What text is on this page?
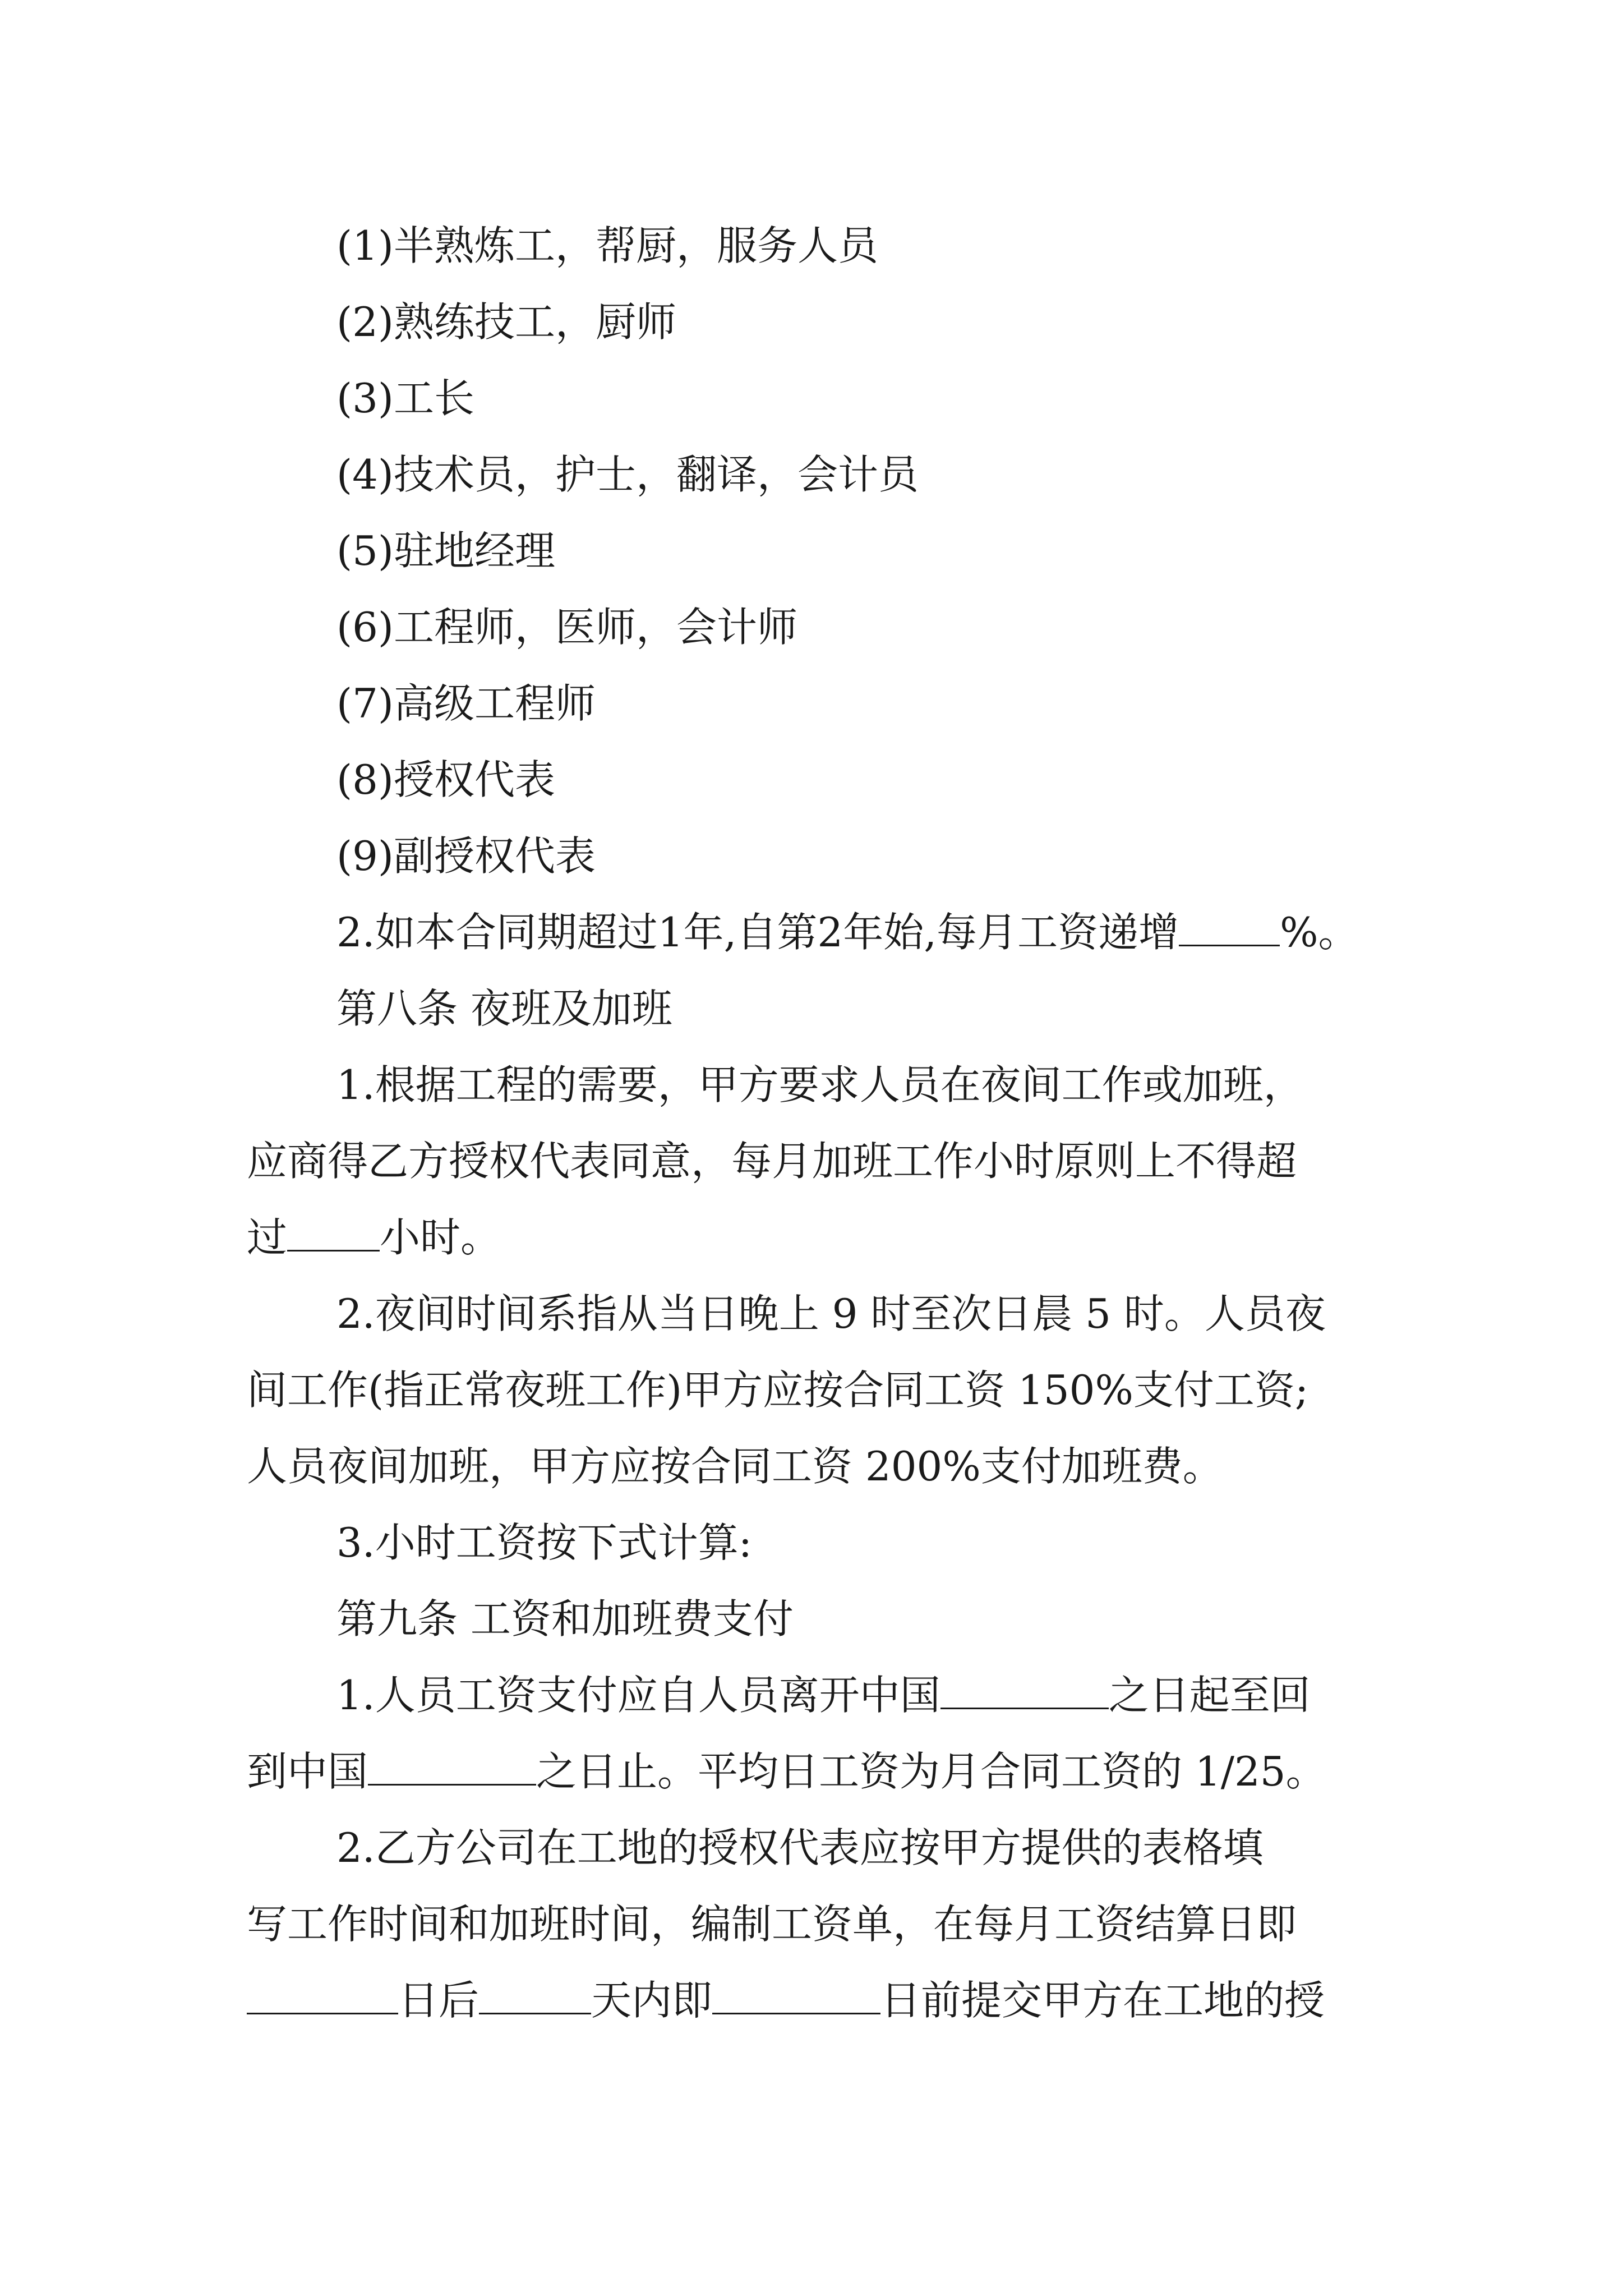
(1)半熟炼工，帮厨，服务人员
(2)熟练技工，厨师
(3)工长
(4)技术员，护士，翻译，会计员
(5)驻地经理
(6)工程师，医师，会计师
(7)高级工程师
(8)授权代表
(9)副授权代表
2.如本合同期超过1年,自第2年始,每月工资递增	%。
第八条 夜班及加班
1.根据工程的需要，甲方要求人员在夜间工作或加班，
应商得乙方授权代表同意，每月加班工作小时原则上不得超
过 小时。
2.夜间时间系指从当日晚上 9 时至次日晨 5 时。人员夜
间工作(指正常夜班工作)甲方应按合同工资 150%支付工资;
人员夜间加班，甲方应按合同工资 200%支付加班费。
3.小时工资按下式计算:
第九条 工资和加班费支付
1.人员工资支付应自人员离开中国	之日起至回
到中国	之日止。平均日工资为月合同工资的 1/25。
2.乙方公司在工地的授权代表应按甲方提供的表格填
写工作时间和加班时间，编制工资单，在每月工资结算日即
日后	天内即	日前提交甲方在工地的授
